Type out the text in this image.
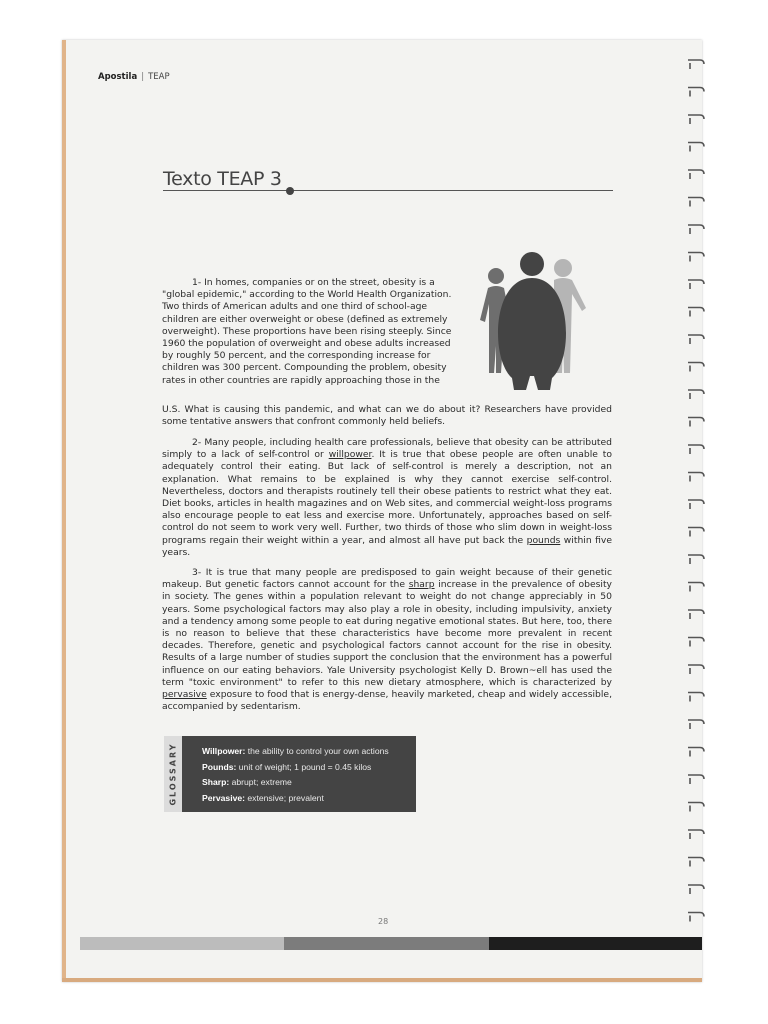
Apostila | TEAP
Texto TEAP 3
1- In homes, companies or on the street, obesity is a
"global epidemic," according to the World Health Organization.
Two thirds of American adults and one third of school-age
children are either overweight or obese (defined as extremely
overweight). These proportions have been rising steeply. Since
1960 the population of overweight and obese adults increased
by roughly 50 percent, and the corresponding increase for
children was 300 percent. Compounding the problem, obesity
rates in other countries are rapidly approaching those in the
U.S. What is causing this pandemic, and what can we do about it? Researchers have provided some tentative answers that confront commonly held beliefs.
2- Many people, including health care professionals, believe that obesity can be attributed simply to a lack of self-control or willpower. It is true that obese people are often unable to adequately control their eating. But lack of self-control is merely a description, not an explanation. What remains to be explained is why they cannot exercise self-control. Nevertheless, doctors and therapists routinely tell their obese patients to restrict what they eat. Diet books, articles in health magazines and on Web sites, and commercial weight-loss programs also encourage people to eat less and exercise more. Unfortunately, approaches based on self-control do not seem to work very well. Further, two thirds of those who slim down in weight-loss programs regain their weight within a year, and almost all have put back the pounds within five years.
3- It is true that many people are predisposed to gain weight because of their genetic makeup. But genetic factors cannot account for the sharp increase in the prevalence of obesity in society. The genes within a population relevant to weight do not change appreciably in 50 years. Some psychological factors may also play a role in obesity, including impulsivity, anxiety and a tendency among some people to eat during negative emotional states. But here, too, there is no reason to believe that these characteristics have become more prevalent in recent decades. Therefore, genetic and psychological factors cannot account for the rise in obesity. Results of a large number of studies support the conclusion that the environment has a powerful influence on our eating behaviors. Yale University psychologist Kelly D. Brown~ell has used the term "toxic environment" to refer to this new dietary atmosphere, which is characterized by pervasive exposure to food that is energy-dense, heavily marketed, cheap and widely accessible, accompanied by sedentarism.
GLOSSARY	Willpower: the ability to control your own actions
Pounds: unit of weight; 1 pound = 0.45 kilos
Sharp: abrupt; extreme
Pervasive: extensive; prevalent
28
